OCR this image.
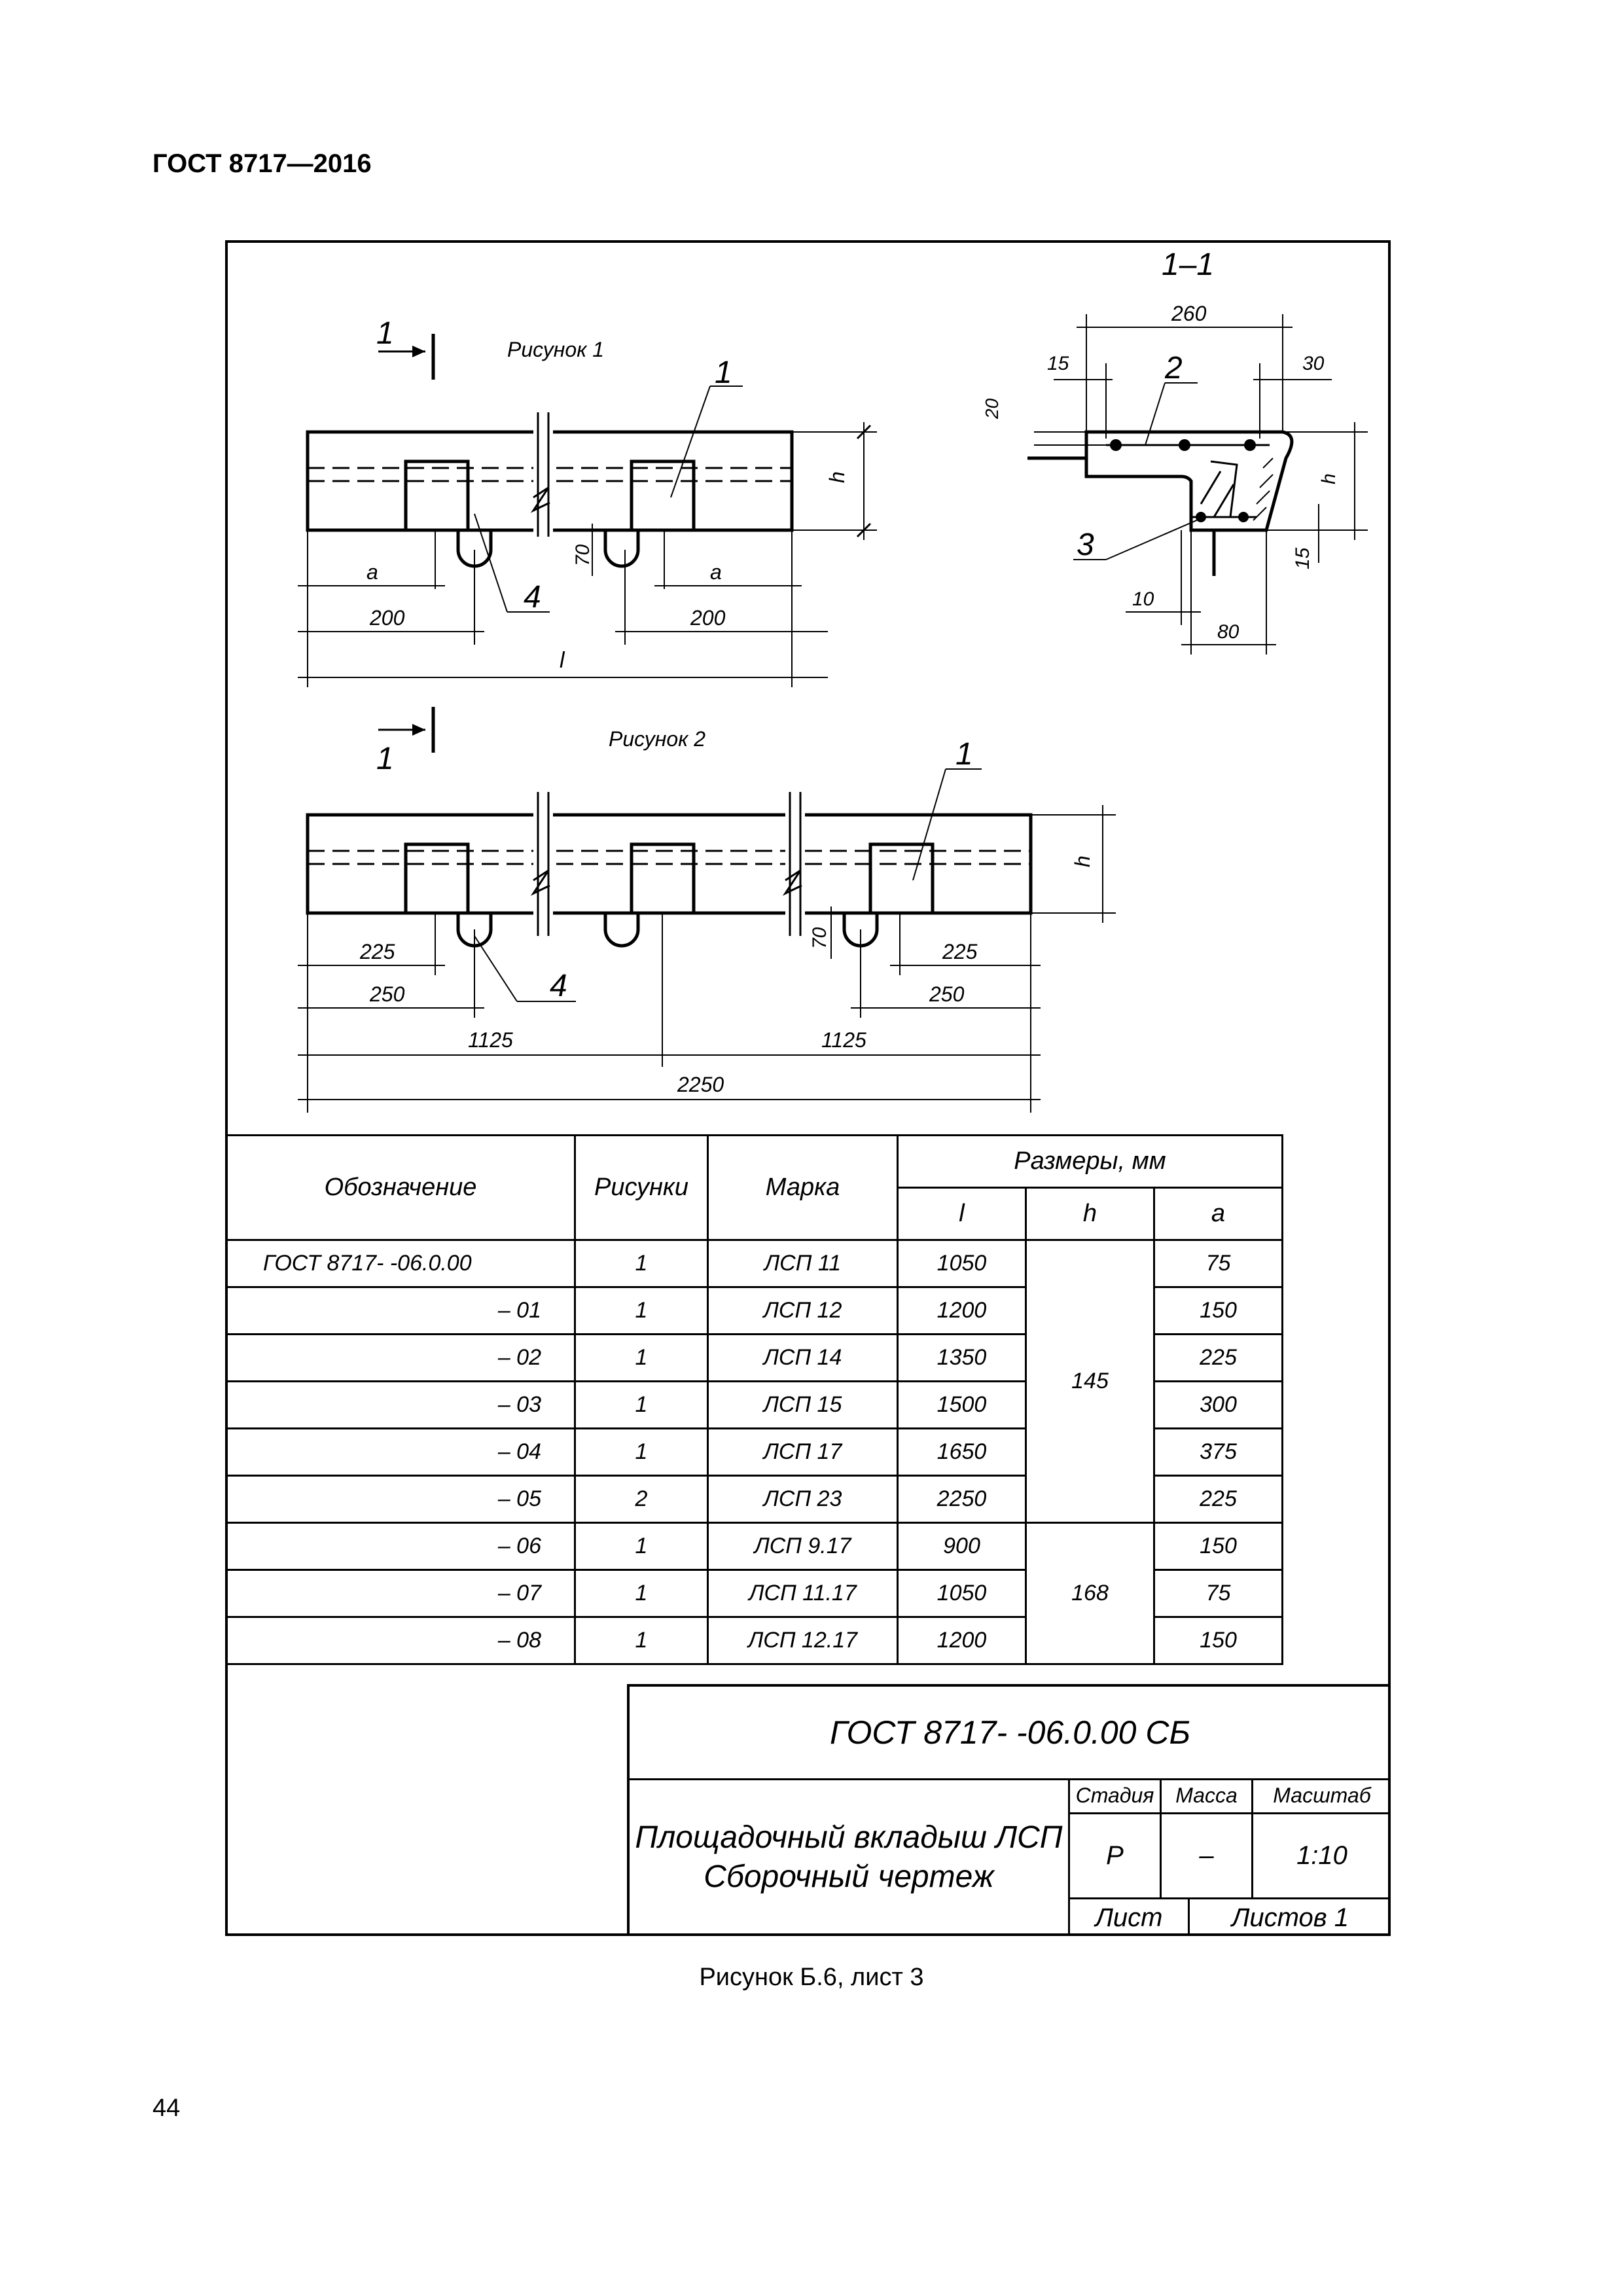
ГОСТ 8717—2016
1–1
1	Рисунок 1
1
4
h
70
a	a
200	200
l
260
15	30
20
2
3
h
15
10
80
1
Рисунок 2	1
4
h
70
225	225
250	250
1125	1125
2250
Обозначение	Рисунки	Марка	Размеры, мм		
			l	h	a
ГОСТ 8717- -06.0.00	1	ЛСП 11	1050	145	75
– 01	1	ЛСП 12	1200		150
– 02	1	ЛСП 14	1350		225
– 03	1	ЛСП 15	1500		300
– 04	1	ЛСП 17	1650		375
– 05	2	ЛСП 23	2250		225
– 06	1	ЛСП 9.17	900	168	150
– 07	1	ЛСП 11.17	1050		75
– 08	1	ЛСП 12.17	1200		150
ГОСТ 8717- -06.0.00 СБ
Площадочный вкладыш ЛСП
Сборочный чертеж
Стадия	Масса	Масштаб
Р	–	1:10
Лист	Листов 1
Рисунок Б.6, лист 3
44
